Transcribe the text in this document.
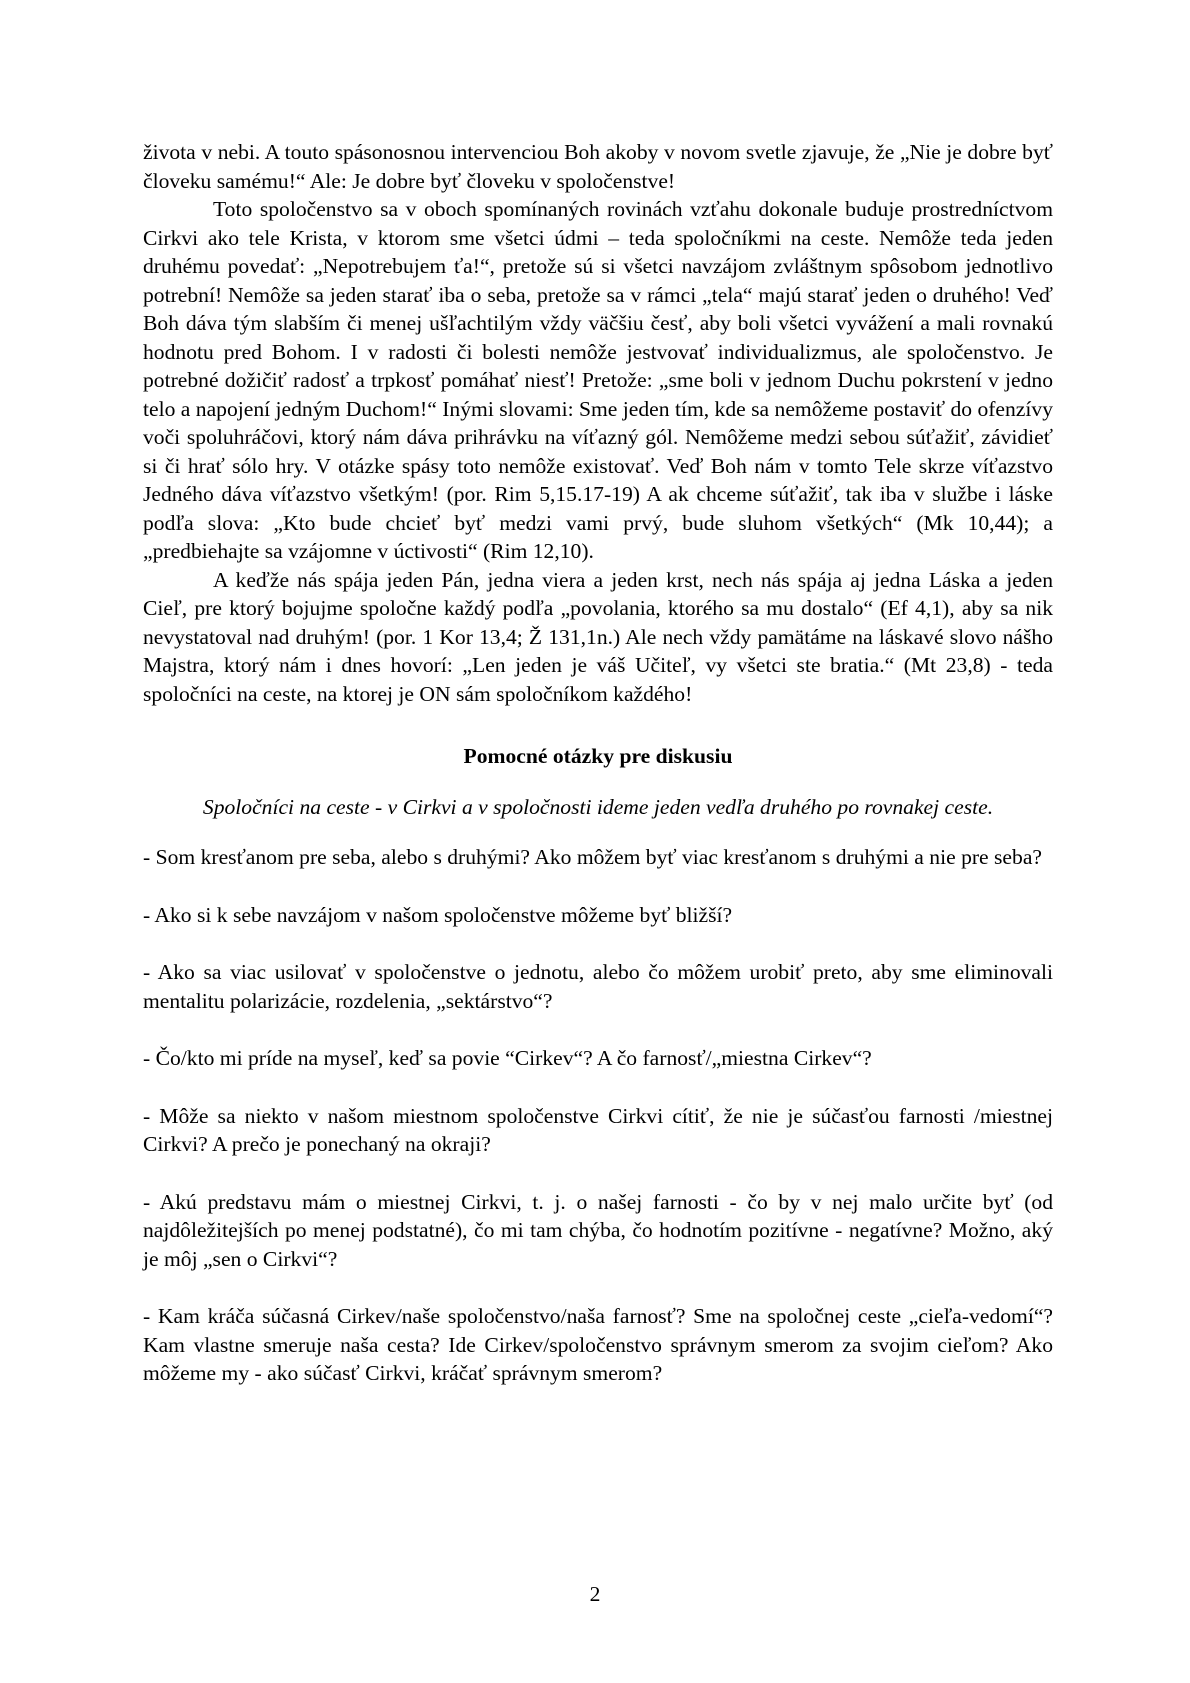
života v nebi. A touto spásonosnou intervenciou Boh akoby v novom svetle zjavuje, že „Nie je dobre byť človeku samému!“ Ale: Je dobre byť človeku v spoločenstve!

Toto spoločenstvo sa v oboch spomínaných rovinách vzťahu dokonale buduje prostredníctvom Cirkvi ako tele Krista, v ktorom sme všetci údmi – teda spoločníkmi na ceste. Nemôže teda jeden druhému povedať: „Nepotrebujem ťa!“, pretože sú si všetci navzájom zvláštnym spôsobom jednotlivo potrební! Nemôže sa jeden starať iba o seba, pretože sa v rámci „tela“ majú starať jeden o druhého! Veď Boh dáva tým slabším či menej ušľachtilým vždy väčšiu česť, aby boli všetci vyvážení a mali rovnakú hodnotu pred Bohom. I v radosti či bolesti nemôže jestvovať individualizmus, ale spoločenstvo. Je potrebné dožičiť radosť a trpkosť pomáhať niesť! Pretože: „sme boli v jednom Duchu pokrstení v jedno telo a napojení jedným Duchom!“ Inými slovami: Sme jeden tím, kde sa nemôžeme postaviť do ofenzívy voči spoluhráčovi, ktorý nám dáva prihrávku na víťazný gól. Nemôžeme medzi sebou súťažiť, závidieť si či hrať sólo hry. V otázke spásy toto nemôže existovať. Veď Boh nám v tomto Tele skrze víťazstvo Jedného dáva víťazstvo všetkým! (por. Rim 5,15.17-19) A ak chceme súťažiť, tak iba v službe i láske podľa slova: „Kto bude chcieť byť medzi vami prvý, bude sluhom všetkých“ (Mk 10,44); a „predbiehajte sa vzájomne v úctivosti“ (Rim 12,10).

A keďže nás spája jeden Pán, jedna viera a jeden krst, nech nás spája aj jedna Láska a jeden Cieľ, pre ktorý bojujme spoločne každý podľa „povolania, ktorého sa mu dostalo“ (Ef 4,1), aby sa nik nevystatoval nad druhým! (por. 1 Kor 13,4; Ž 131,1n.) Ale nech vždy pamätáme na láskavé slovo nášho Majstra, ktorý nám i dnes hovorí: „Len jeden je váš Učiteľ, vy všetci ste bratia.“ (Mt 23,8) - teda spoločníci na ceste, na ktorej je ON sám spoločníkom každého!

Pomocné otázky pre diskusiu

Spoločníci na ceste - v Cirkvi a v spoločnosti ideme jeden vedľa druhého po rovnakej ceste.

- Som kresťanom pre seba, alebo s druhými? Ako môžem byť viac kresťanom s druhými a nie pre seba?

- Ako si k sebe navzájom v našom spoločenstve môžeme byť bližší?

- Ako sa viac usilovať v spoločenstve o jednotu, alebo čo môžem urobiť preto, aby sme eliminovali mentalitu polarizácie, rozdelenia, „sektárstvo“?

- Čo/kto mi príde na myseľ, keď sa povie “Cirkev“? A čo farnosť/„miestna Cirkev“?

- Môže sa niekto v našom miestnom spoločenstve Cirkvi cítiť, že nie je súčasťou farnosti /miestnej Cirkvi? A prečo je ponechaný na okraji?

- Akú predstavu mám o miestnej Cirkvi, t. j. o našej farnosti - čo by v nej malo určite byť (od najdôležitejších po menej podstatné), čo mi tam chýba, čo hodnotím pozitívne - negatívne? Možno, aký je môj „sen o Cirkvi“?

- Kam kráča súčasná Cirkev/naše spoločenstvo/naša farnosť? Sme na spoločnej ceste „cieľa-vedomí“? Kam vlastne smeruje naša cesta? Ide Cirkev/spoločenstvo správnym smerom za svojim cieľom? Ako môžeme my - ako súčasť Cirkvi, kráčať správnym smerom?

2
